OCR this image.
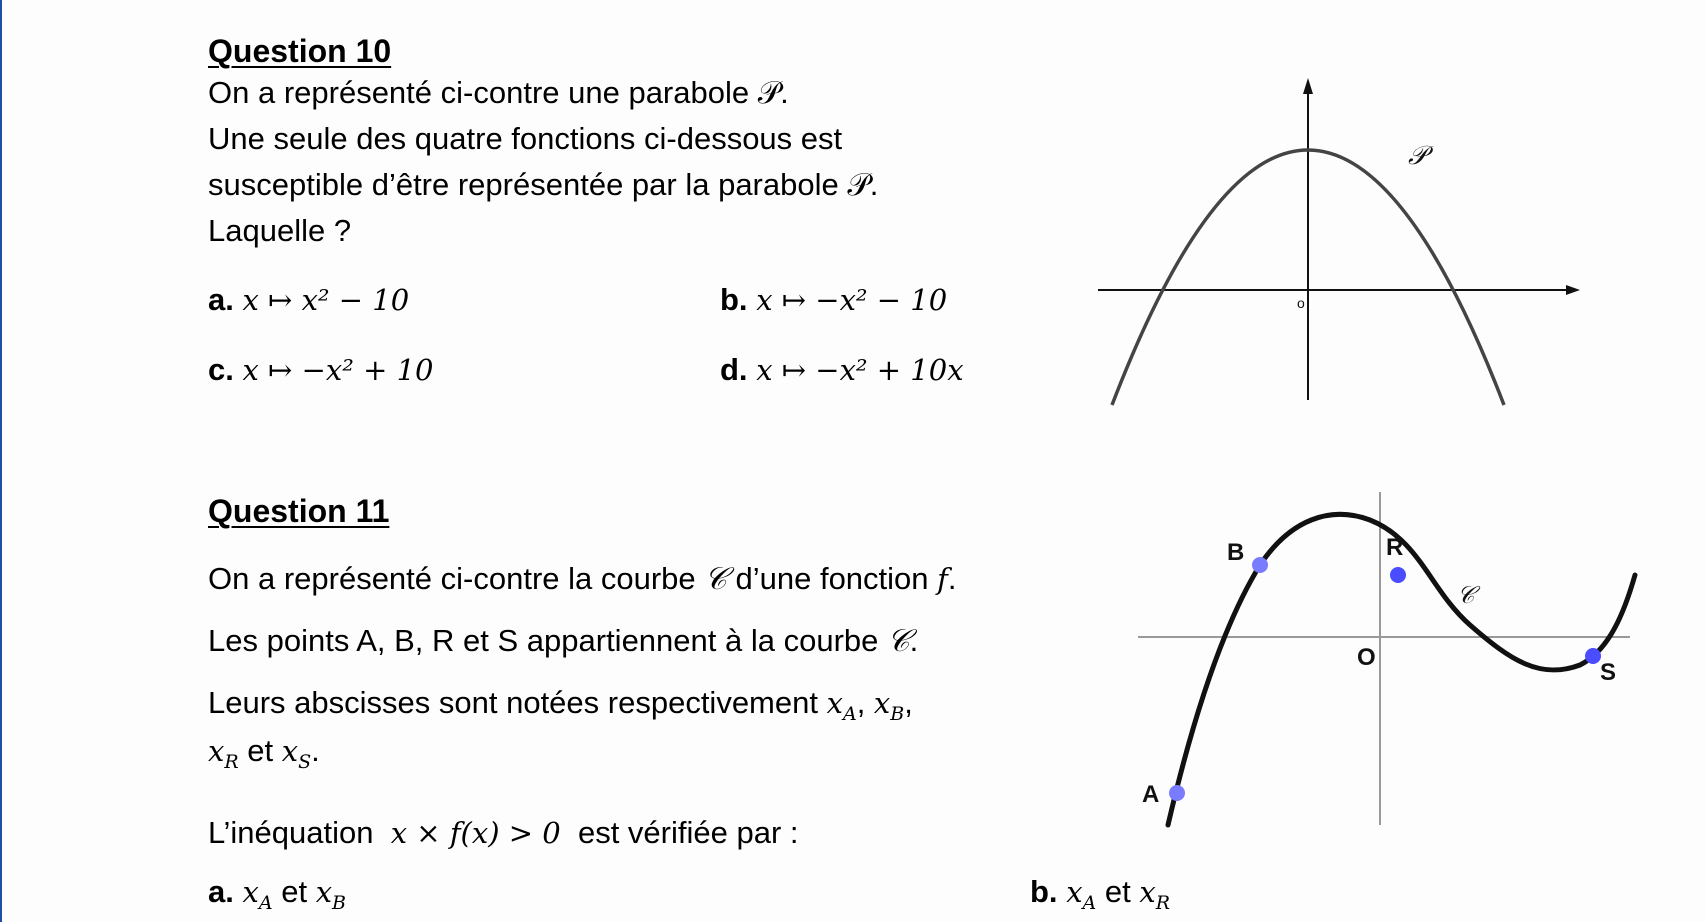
Question 10
On a représenté ci-contre une parabole 𝒫.
Une seule des quatre fonctions ci-dessous est
susceptible d’être représentée par la parabole 𝒫.
Laquelle ?
a. x ↦ x² − 10	b. x ↦ −x² − 10
c. x ↦ −x² + 10	d. x ↦ −x² + 10x
o
𝒫
Question 11
On a représenté ci-contre la courbe 𝒞 d’une fonction f.
Les points A, B, R et S appartiennent à la courbe 𝒞.
Leurs abscisses sont notées respectivement $x_A$, $x_B$,
$x_R$ et $x_S$.
L’inéquation x × f(x) > 0 est vérifiée par :
a. $x_A$ et $x_B$	b. $x_A$ et $x_R$
A
B	R
S
O
𝒞
